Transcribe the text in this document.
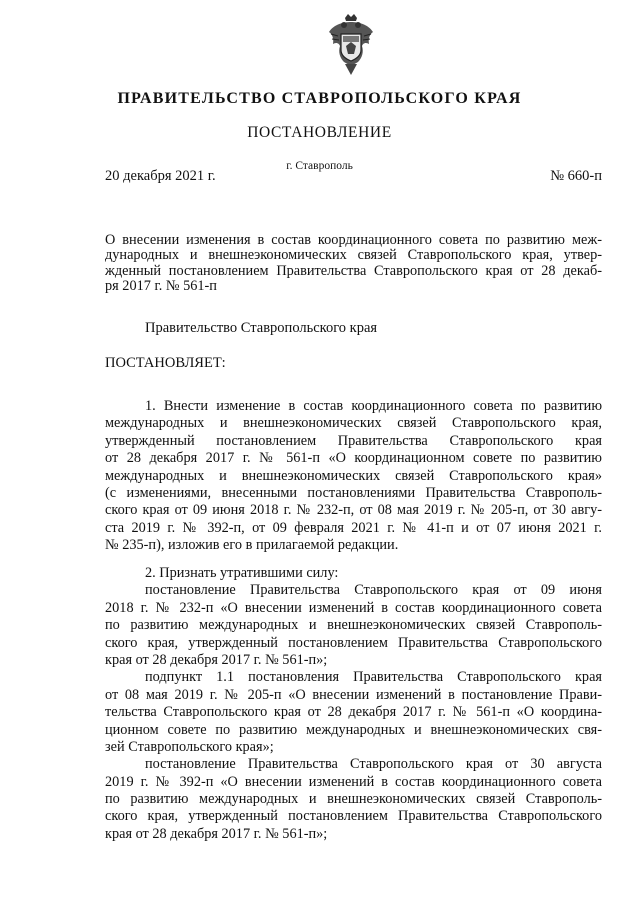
ПРАВИТЕЛЬСТВО СТАВРОПОЛЬСКОГО КРАЯ
ПОСТАНОВЛЕНИЕ
г. Ставрополь
20 декабря 2021 г.	№ 660-п
О внесении изменения в состав координационного совета по развитию меж-
дународных и внешнеэкономических связей Ставропольского края, утвер-
жденный постановлением Правительства Ставропольского края от 28 декаб-
ря 2017 г. № 561-п
Правительство Ставропольского края
ПОСТАНОВЛЯЕТ:
1. Внести изменение в состав координационного совета по развитию
международных и внешнеэкономических связей Ставропольского края,
утвержденный постановлением Правительства Ставропольского края
от 28 декабря 2017 г. № 561-п «О координационном совете по развитию
международных и внешнеэкономических связей Ставропольского края»
(с изменениями, внесенными постановлениями Правительства Ставрополь-
ского края от 09 июня 2018 г. № 232-п, от 08 мая 2019 г. № 205-п, от 30 авгу-
ста 2019 г. № 392-п, от 09 февраля 2021 г. № 41-п и от 07 июня 2021 г.
№ 235-п), изложив его в прилагаемой редакции.
2. Признать утратившими силу:
постановление Правительства Ставропольского края от 09 июня
2018 г. № 232-п «О внесении изменений в состав координационного совета
по развитию международных и внешнеэкономических связей Ставрополь-
ского края, утвержденный постановлением Правительства Ставропольского
края от 28 декабря 2017 г. № 561-п»;
подпункт 1.1 постановления Правительства Ставропольского края
от 08 мая 2019 г. № 205-п «О внесении изменений в постановление Прави-
тельства Ставропольского края от 28 декабря 2017 г. № 561-п «О координа-
ционном совете по развитию международных и внешнеэкономических свя-
зей Ставропольского края»;
постановление Правительства Ставропольского края от 30 августа
2019 г. № 392-п «О внесении изменений в состав координационного совета
по развитию международных и внешнеэкономических связей Ставрополь-
ского края, утвержденный постановлением Правительства Ставропольского
края от 28 декабря 2017 г. № 561-п»;
